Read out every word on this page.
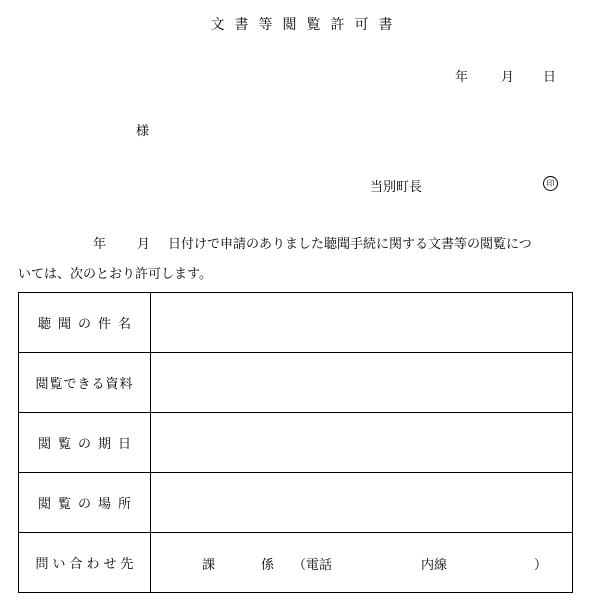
文 書 等 閲 覧 許 可 書
年	月 日
様
当別町長	印
年 月 日付けで申請のありました聴聞手続に関する文書等の閲覧につ
いては、次のとおり許可します。
聴聞の件名	
閲覧できる資料	
閲覧の期日	
閲覧の場所	
問い合わせ先	課 係 （電話 内線 ）
